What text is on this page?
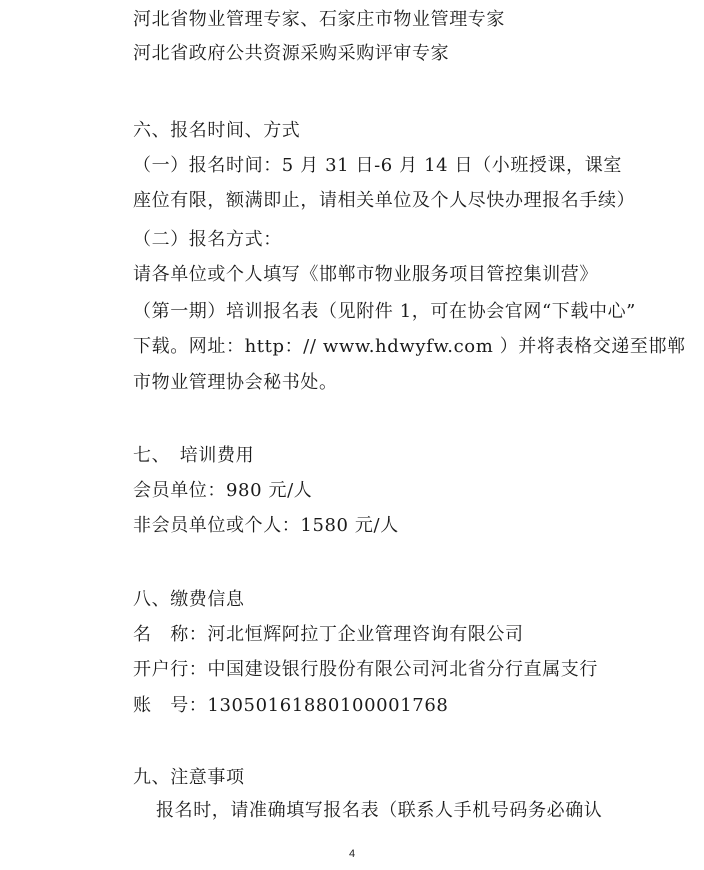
河北省物业管理专家、石家庄市物业管理专家
河北省政府公共资源采购采购评审专家
六、报名时间、方式
（一）报名时间：5 月 31 日-6 月 14 日（小班授课，课室
座位有限，额满即止，请相关单位及个人尽快办理报名手续）
（二）报名方式：
请各单位或个人填写《邯郸市物业服务项目管控集训营》
（第一期）培训报名表（见附件 1，可在协会官网“下载中心”
下载。网址：http：// www.hdwyfw.com ）并将表格交递至邯郸
市物业管理协会秘书处。
七、　培训费用
会员单位：980 元/人
非会员单位或个人：1580 元/人
八、缴费信息
名　称：河北恒辉阿拉丁企业管理咨询有限公司
开户行：中国建设银行股份有限公司河北省分行直属支行
账　号：13050161880100001768
九、注意事项
报名时，请准确填写报名表（联系人手机号码务必确认
4
